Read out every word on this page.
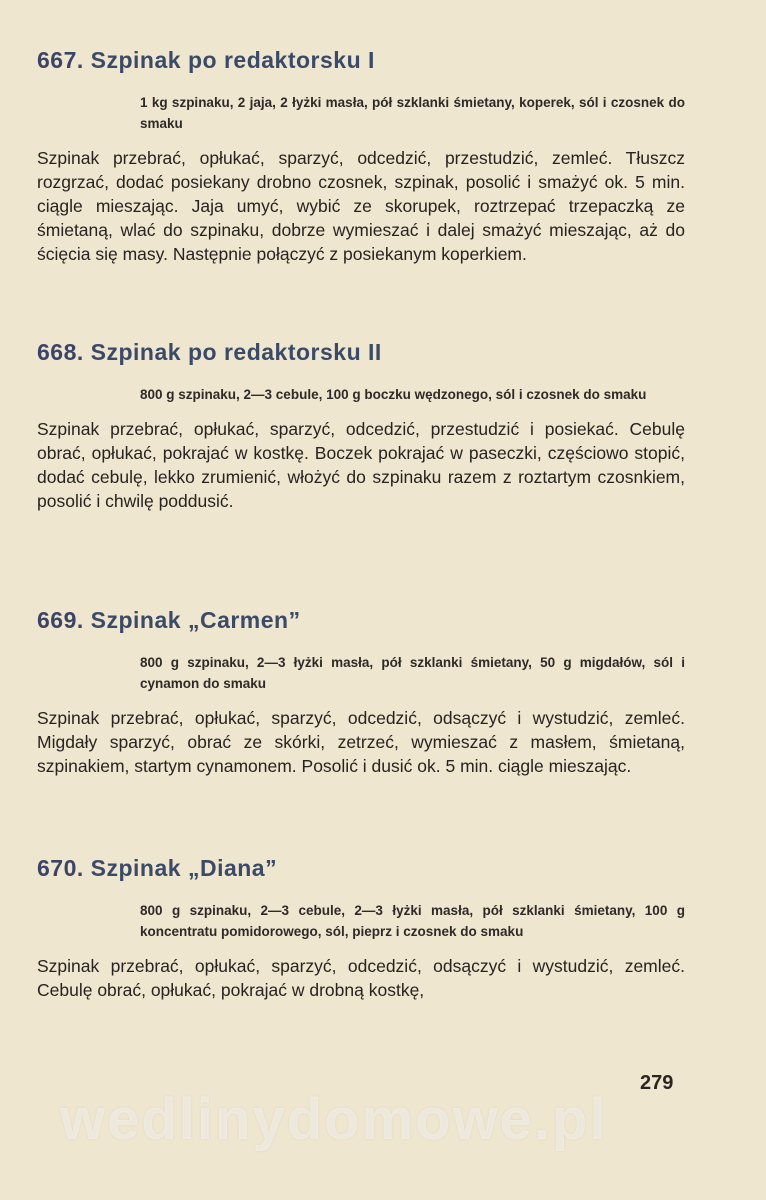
667. Szpinak po redaktorsku I
1 kg szpinaku, 2 jaja, 2 łyżki masła, pół szklanki śmietany, koperek, sól i czosnek do smaku
Szpinak przebrać, opłukać, sparzyć, odcedzić, przestudzić, zemleć. Tłuszcz rozgrzać, dodać posiekany drobno czosnek, szpinak, posolić i smażyć ok. 5 min. ciągle mieszając. Jaja umyć, wybić ze skorupek, roztrzepać trzepaczką ze śmietaną, wlać do szpinaku, dobrze wymieszać i dalej smażyć mieszając, aż do ścięcia się masy. Następnie połączyć z posiekanym koperkiem.
668. Szpinak po redaktorsku II
800 g szpinaku, 2—3 cebule, 100 g boczku wędzonego, sól i czosnek do smaku
Szpinak przebrać, opłukać, sparzyć, odcedzić, przestudzić i posiekać. Cebulę obrać, opłukać, pokrajać w kostkę. Boczek pokrajać w paseczki, częściowo stopić, dodać cebulę, lekko zrumienić, włożyć do szpinaku razem z roztartym czosnkiem, posolić i chwilę poddusić.
669. Szpinak „Carmen”
800 g szpinaku, 2—3 łyżki masła, pół szklanki śmietany, 50 g migdałów, sól i cynamon do smaku
Szpinak przebrać, opłukać, sparzyć, odcedzić, odsączyć i wystudzić, zemleć. Migdały sparzyć, obrać ze skórki, zetrzeć, wymieszać z masłem, śmietaną, szpinakiem, startym cynamonem. Posolić i dusić ok. 5 min. ciągle mieszając.
670. Szpinak „Diana”
800 g szpinaku, 2—3 cebule, 2—3 łyżki masła, pół szklanki śmietany, 100 g koncentratu pomidorowego, sól, pieprz i czosnek do smaku
Szpinak przebrać, opłukać, sparzyć, odcedzić, odsączyć i wystudzić, zemleć. Cebulę obrać, opłukać, pokrajać w drobną kostkę,
wedlinydomowe.pl
279
